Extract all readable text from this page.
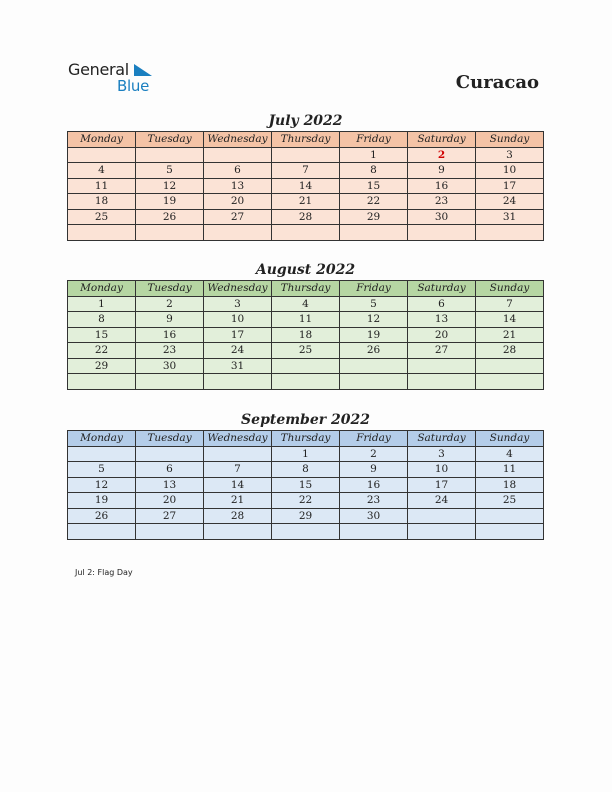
General
Blue	Curacao
July 2022
Monday	Tuesday	Wednesday	Thursday	Friday	Saturday	Sunday
				1	2	3
4	5	6	7	8	9	10
11	12	13	14	15	16	17
18	19	20	21	22	23	24
25	26	27	28	29	30	31

August 2022
Monday	Tuesday	Wednesday	Thursday	Friday	Saturday	Sunday
1	2	3	4	5	6	7
8	9	10	11	12	13	14
15	16	17	18	19	20	21
22	23	24	25	26	27	28
29	30	31				

September 2022
Monday	Tuesday	Wednesday	Thursday	Friday	Saturday	Sunday
			1	2	3	4
5	6	7	8	9	10	11
12	13	14	15	16	17	18
19	20	21	22	23	24	25
26	27	28	29	30		

Jul 2: Flag Day
